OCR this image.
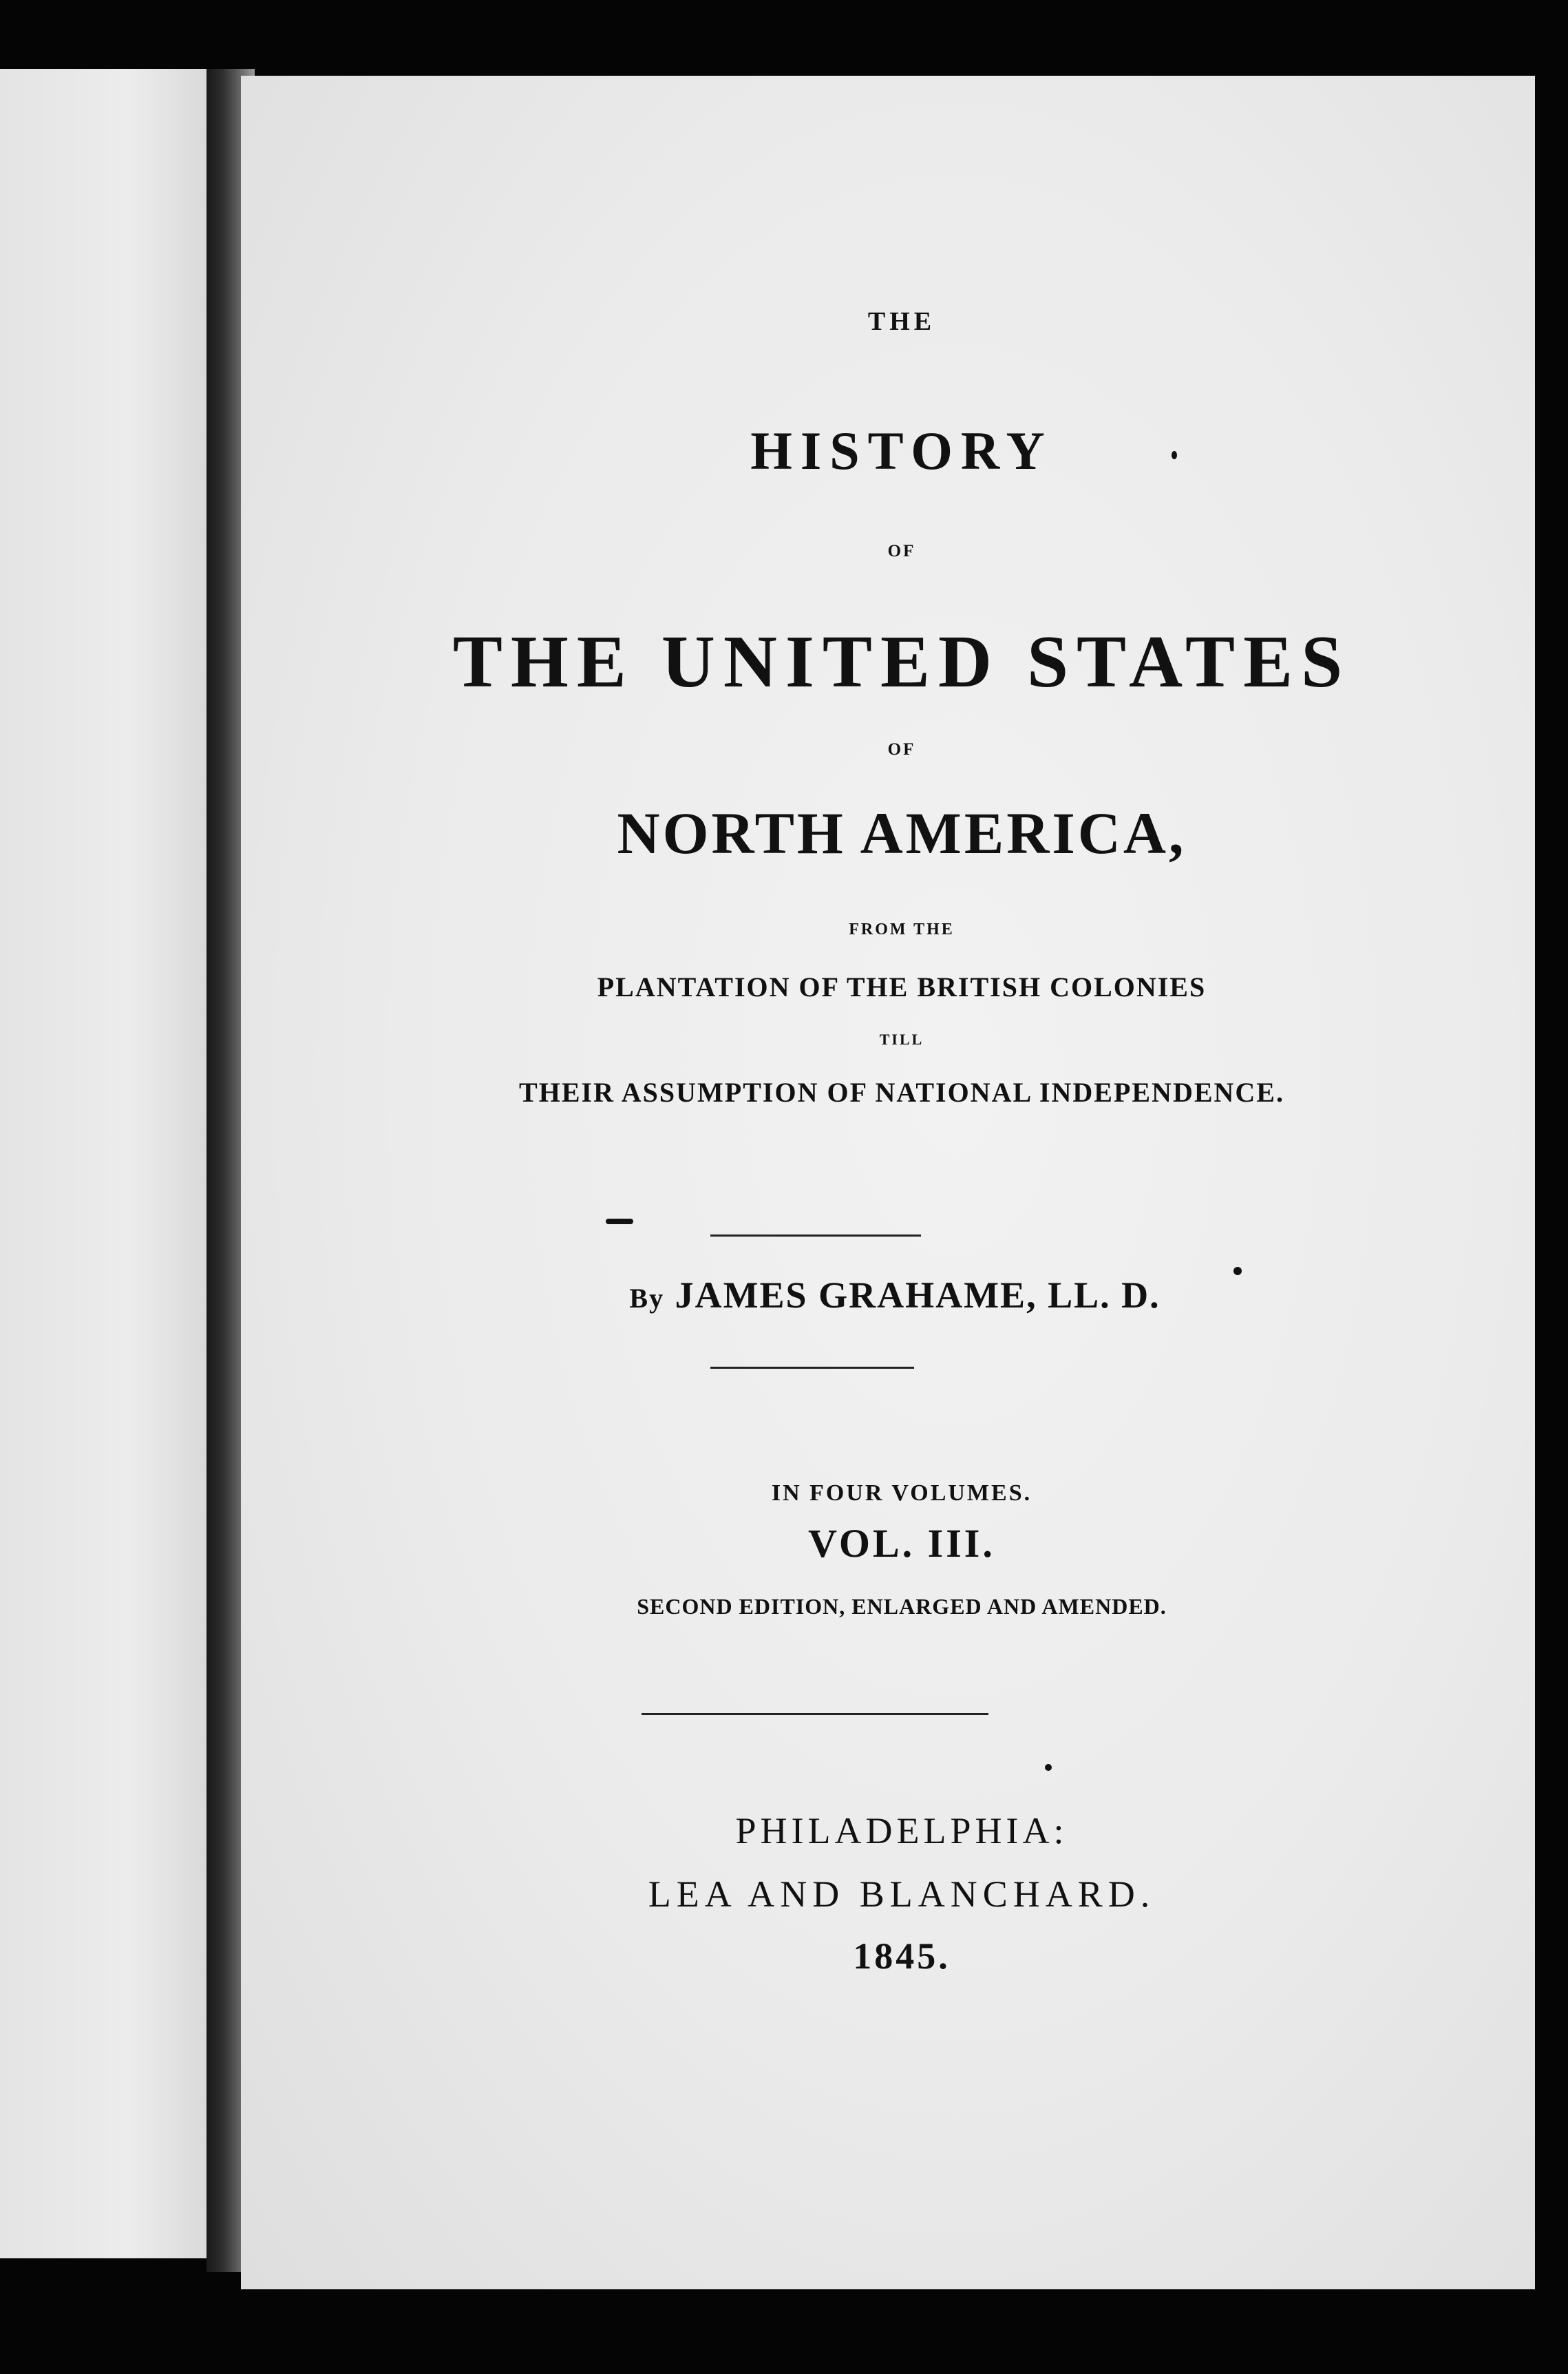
THE
HISTORY
OF
THE UNITED STATES
OF
NORTH AMERICA,
FROM THE
PLANTATION OF THE BRITISH COLONIES
TILL
THEIR ASSUMPTION OF NATIONAL INDEPENDENCE.
By JAMES GRAHAME, LL. D.
IN FOUR VOLUMES.
VOL. III.
SECOND EDITION, ENLARGED AND AMENDED.
PHILADELPHIA:
LEA AND BLANCHARD.
1845.
